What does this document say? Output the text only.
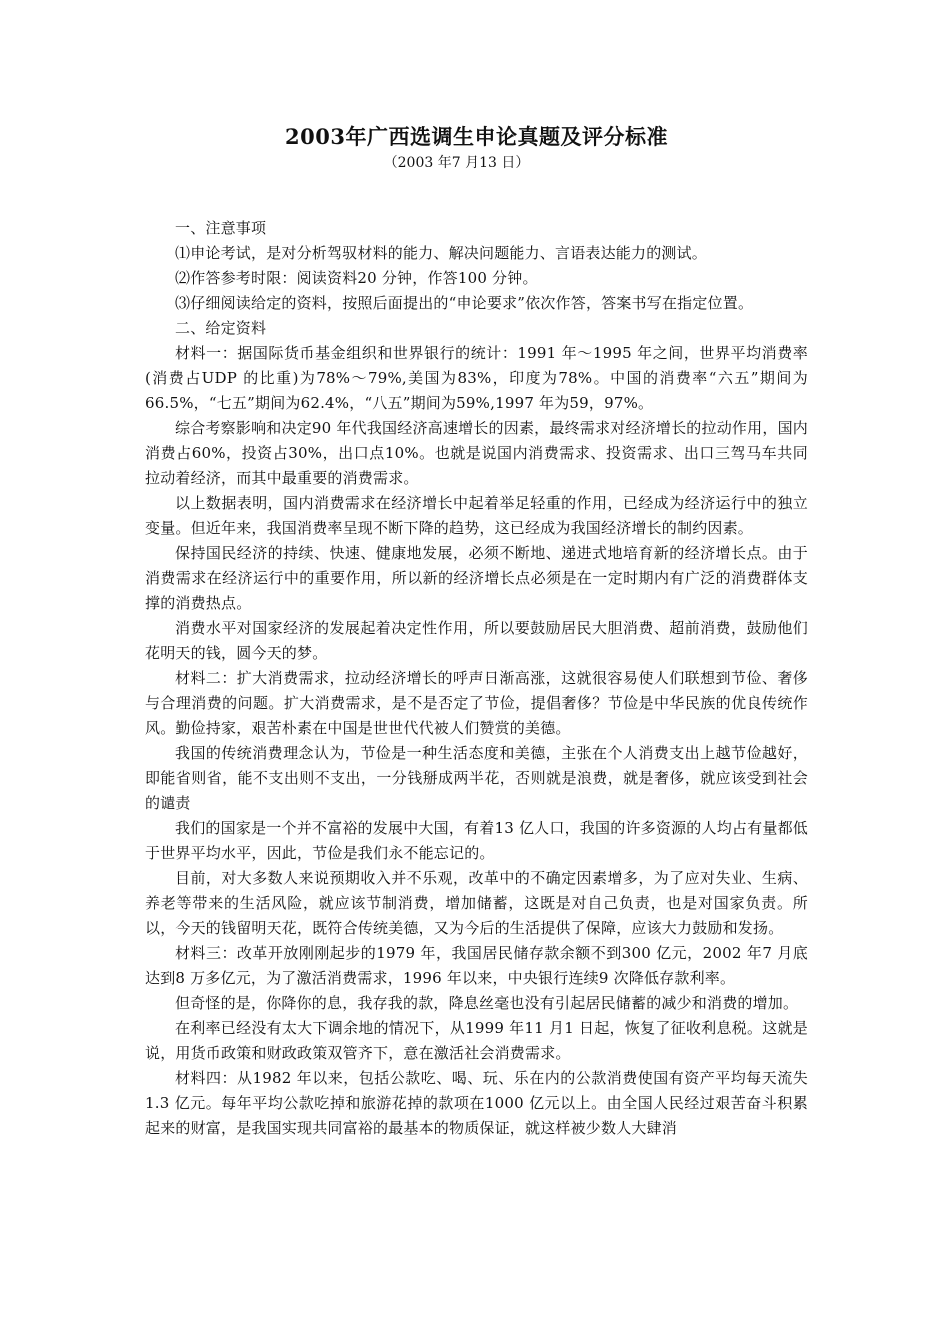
2003年广西选调生申论真题及评分标准
（2003 年7 月13 日）

一、注意事项

⑴申论考试，是对分析驾驭材料的能力、解决问题能力、言语表达能力的测试。

⑵作答参考时限：阅读资料20 分钟，作答100 分钟。

⑶仔细阅读给定的资料，按照后面提出的“申论要求”依次作答，答案书写在指定位置。

二、给定资料

材料一：据国际货币基金组织和世界银行的统计：1991 年～1995 年之间，世界平均消费率(消费占UDP 的比重)为78%～79%,美国为83%，印度为78%。中国的消费率“六五”期间为66.5%，“七五”期间为62.4%，“八五”期间为59%,1997 年为59，97%。

综合考察影响和决定90 年代我国经济高速增长的因素，最终需求对经济增长的拉动作用，国内消费占60%，投资占30%，出口点10%。也就是说国内消费需求、投资需求、出口三驾马车共同拉动着经济，而其中最重要的消费需求。

以上数据表明，国内消费需求在经济增长中起着举足轻重的作用，已经成为经济运行中的独立变量。但近年来，我国消费率呈现不断下降的趋势，这已经成为我国经济增长的制约因素。

保持国民经济的持续、快速、健康地发展，必须不断地、递进式地培育新的经济增长点。由于消费需求在经济运行中的重要作用，所以新的经济增长点必须是在一定时期内有广泛的消费群体支撑的消费热点。

消费水平对国家经济的发展起着决定性作用，所以要鼓励居民大胆消费、超前消费，鼓励他们花明天的钱，圆今天的梦。

材料二：扩大消费需求，拉动经济增长的呼声日渐高涨，这就很容易使人们联想到节俭、奢侈与合理消费的问题。扩大消费需求，是不是否定了节俭，提倡奢侈？节俭是中华民族的优良传统作风。勤俭持家，艰苦朴素在中国是世世代代被人们赞赏的美德。

我国的传统消费理念认为，节俭是一种生活态度和美德，主张在个人消费支出上越节俭越好，即能省则省，能不支出则不支出，一分钱掰成两半花，否则就是浪费，就是奢侈，就应该受到社会的谴责

我们的国家是一个并不富裕的发展中大国，有着13 亿人口，我国的许多资源的人均占有量都低于世界平均水平，因此，节俭是我们永不能忘记的。

目前，对大多数人来说预期收入并不乐观，改革中的不确定因素增多，为了应对失业、生病、养老等带来的生活风险，就应该节制消费，增加储蓄，这既是对自己负责，也是对国家负责。所以，今天的钱留明天花，既符合传统美德，又为今后的生活提供了保障，应该大力鼓励和发扬。

材料三：改革开放刚刚起步的1979 年，我国居民储存款余额不到300 亿元，2002 年7 月底达到8 万多亿元，为了激活消费需求，1996 年以来，中央银行连续9 次降低存款利率。

但奇怪的是，你降你的息，我存我的款，降息丝毫也没有引起居民储蓄的减少和消费的增加。

在利率已经没有太大下调余地的情况下，从1999 年11 月1 日起，恢复了征收利息税。这就是说，用货币政策和财政政策双管齐下，意在激活社会消费需求。

材料四：从1982 年以来，包括公款吃、喝、玩、乐在内的公款消费使国有资产平均每天流失1.3 亿元。每年平均公款吃掉和旅游花掉的款项在1000 亿元以上。由全国人民经过艰苦奋斗积累起来的财富，是我国实现共同富裕的最基本的物质保证，就这样被少数人大肆消
